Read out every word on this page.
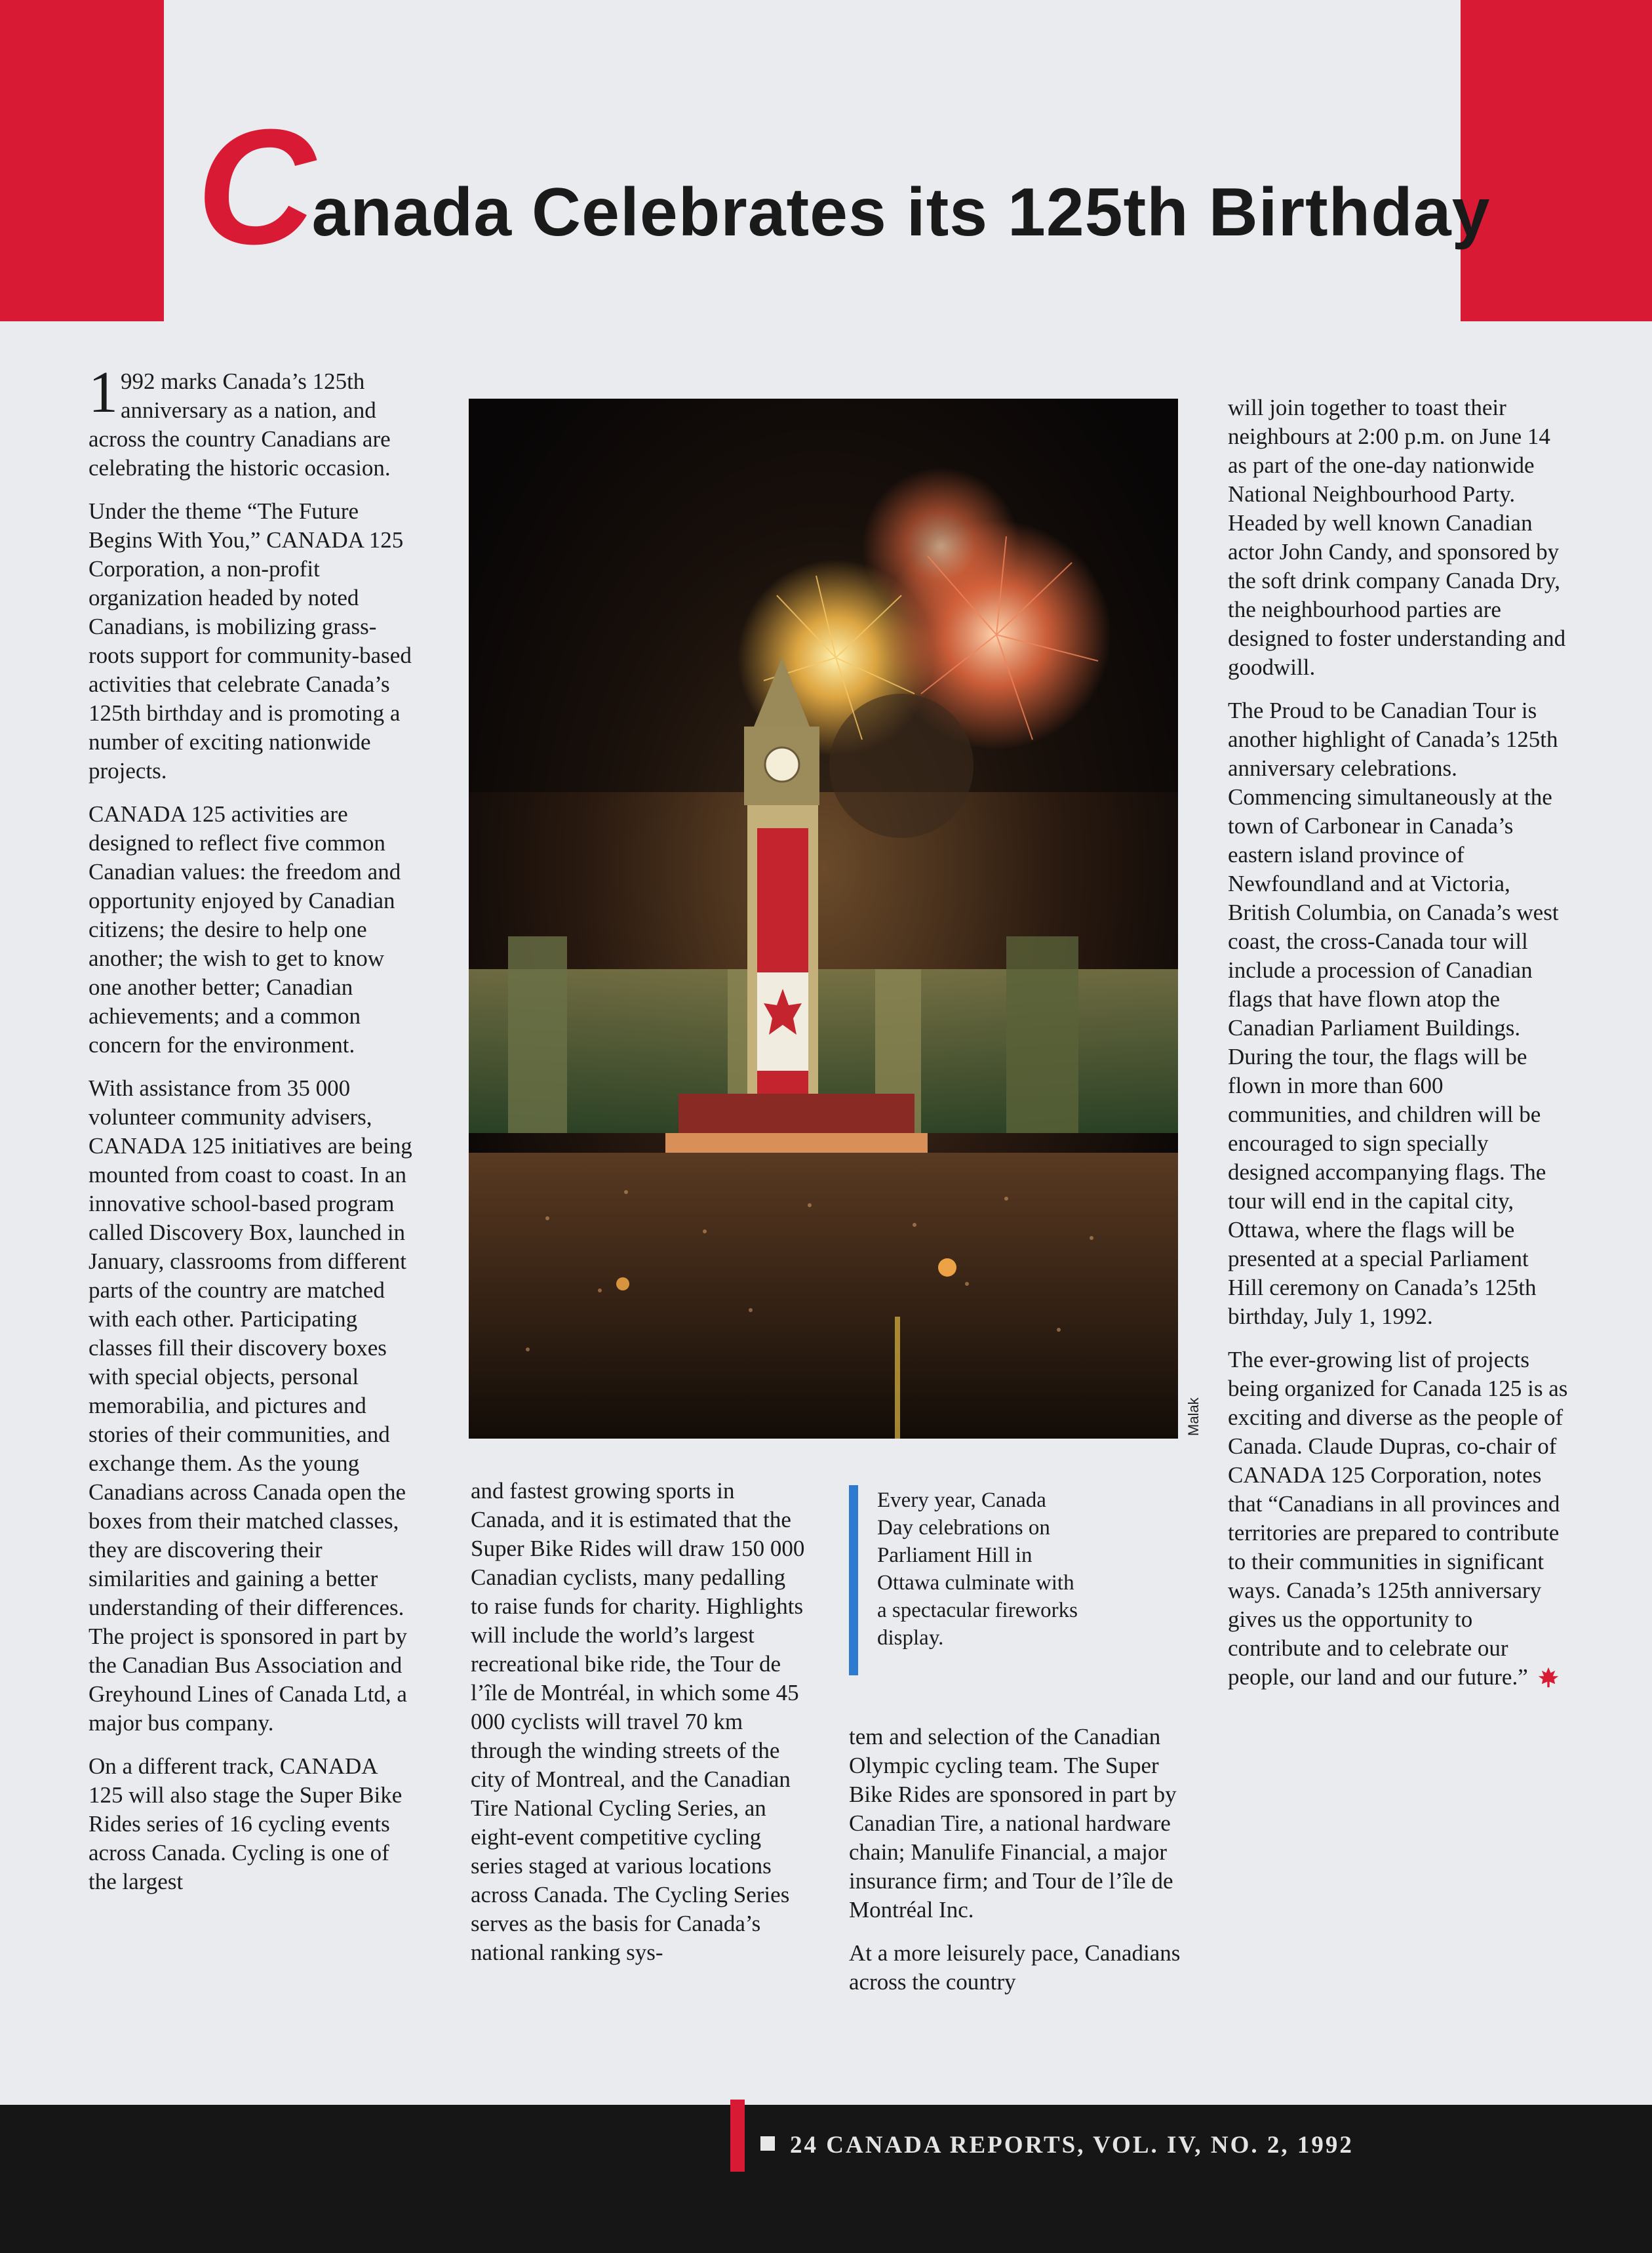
Canada Celebrates its 125th Birthday

1 992 marks Canada’s 125th anniversary as a nation, and across the country Canadians are celebrating the historic occasion.

Under the theme “The Future Begins With You,” CANADA 125 Corporation, a non-profit organization headed by noted Canadians, is mobilizing grass-roots support for community-based activities that celebrate Canada’s 125th birthday and is promoting a number of exciting nationwide projects.

CANADA 125 activities are designed to reflect five common Canadian values: the freedom and opportunity enjoyed by Canadian citizens; the desire to help one another; the wish to get to know one another better; Canadian achievements; and a common concern for the environment.

With assistance from 35 000 volunteer community advisers, CANADA 125 initiatives are being mounted from coast to coast. In an innovative school-based program called Discovery Box, launched in January, classrooms from different parts of the country are matched with each other. Participating classes fill their discovery boxes with special objects, personal memorabilia, and pictures and stories of their communities, and exchange them. As the young Canadians across Canada open the boxes from their matched classes, they are discovering their similarities and gaining a better understanding of their differences. The project is sponsored in part by the Canadian Bus Association and Greyhound Lines of Canada Ltd, a major bus company.

On a different track, CANADA 125 will also stage the Super Bike Rides series of 16 cycling events across Canada. Cycling is one of the largest

Malak

and fastest growing sports in Canada, and it is estimated that the Super Bike Rides will draw 150 000 Canadian cyclists, many pedalling to raise funds for charity. Highlights will include the world’s largest recreational bike ride, the Tour de l’île de Montréal, in which some 45 000 cyclists will travel 70 km through the winding streets of the city of Montreal, and the Canadian Tire National Cycling Series, an eight-event competitive cycling series staged at various locations across Canada. The Cycling Series serves as the basis for Canada’s national ranking sys-

Every year, Canada Day celebrations on Parliament Hill in Ottawa culminate with a spectacular fireworks display.

tem and selection of the Canadian Olympic cycling team. The Super Bike Rides are sponsored in part by Canadian Tire, a national hardware chain; Manulife Financial, a major insurance firm; and Tour de l’île de Montréal Inc.

At a more leisurely pace, Canadians across the country

will join together to toast their neighbours at 2:00 p.m. on June 14 as part of the one-day nationwide National Neighbourhood Party. Headed by well known Canadian actor John Candy, and sponsored by the soft drink company Canada Dry, the neighbourhood parties are designed to foster understanding and goodwill.

The Proud to be Canadian Tour is another highlight of Canada’s 125th anniversary celebrations. Commencing simultaneously at the town of Carbonear in Canada’s eastern island province of Newfoundland and at Victoria, British Columbia, on Canada’s west coast, the cross-Canada tour will include a procession of Canadian flags that have flown atop the Canadian Parliament Buildings. During the tour, the flags will be flown in more than 600 communities, and children will be encouraged to sign specially designed accompanying flags. The tour will end in the capital city, Ottawa, where the flags will be presented at a special Parliament Hill ceremony on Canada’s 125th birthday, July 1, 1992.

The ever-growing list of projects being organized for Canada 125 is as exciting and diverse as the people of Canada. Claude Dupras, co-chair of CANADA 125 Corporation, notes that “Canadians in all provinces and territories are prepared to contribute to their communities in significant ways. Canada’s 125th anniversary gives us the opportunity to contribute and to celebrate our people, our land and our future.”

24 CANADA REPORTS, VOL. IV, NO. 2, 1992
